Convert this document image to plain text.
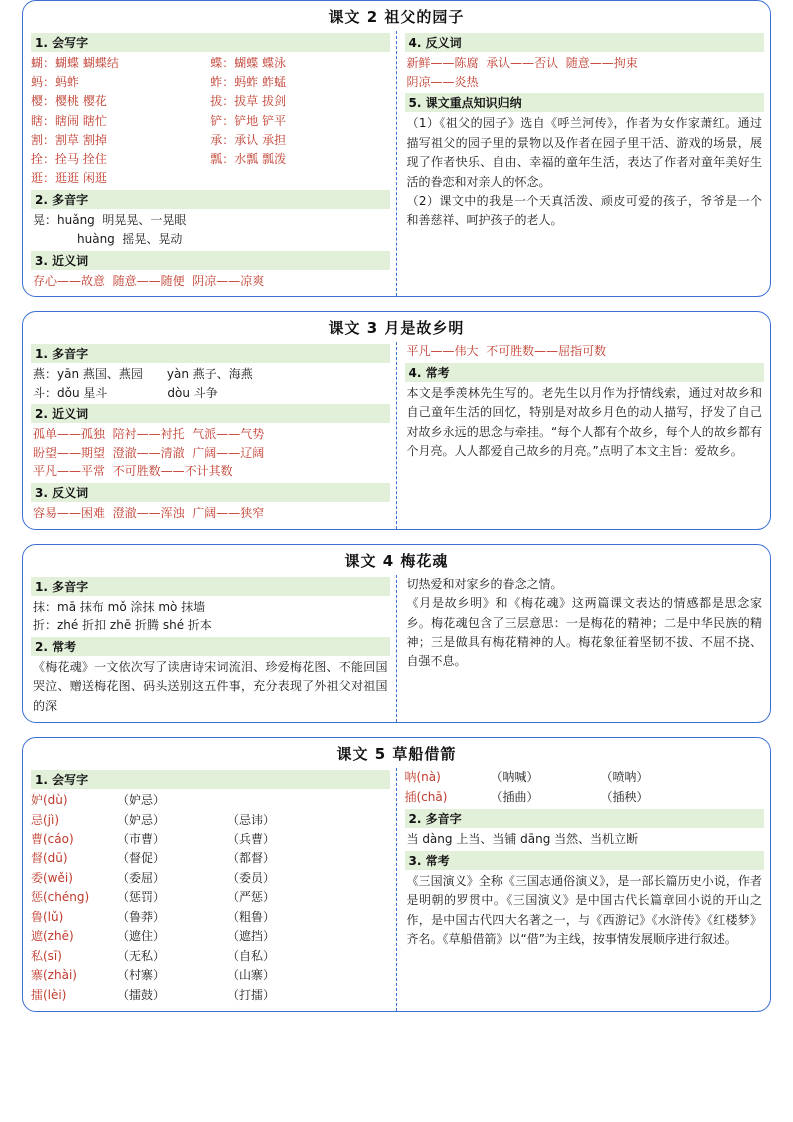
课文 2 祖父的园子
1. 会写字
蝴：蝴蝶 蝴蝶结	蝶：蝴蝶 蝶泳
蚂：蚂蚱	蚱：蚂蚱 蚱蜢
樱：樱桃 樱花	拔：拔草 拔剑
瞎：瞎闹 瞎忙	铲：铲地 铲平
割：割草 割掉	承：承认 承担
拴：拴马 拴住	瓢：水瓢 瓢泼
逛：逛逛 闲逛
2. 多音字
晃：huǎng  明晃晃、一晃眼
　　huàng  摇晃、晃动
3. 近义词
存心——故意  随意——随便  阴凉——凉爽
4. 反义词
新鲜——陈腐  承认——否认  随意——拘束
阴凉——炎热
5. 课文重点知识归纳
（1）《祖父的园子》选自《呼兰河传》，作者为女作家萧红。通过描写祖父的园子里的景物以及作者在园子里干活、游戏的场景，展现了作者快乐、自由、幸福的童年生活，表达了作者对童年美好生活的眷恋和对亲人的怀念。
（2）课文中的我是一个天真活泼、顽皮可爱的孩子，爷爷是一个和善慈祥、呵护孩子的老人。
课文 3 月是故乡明
1. 多音字
燕：yān 燕国、燕园　　yàn 燕子、海燕
斗：dǒu 星斗　　　　　dòu 斗争
2. 近义词
孤单——孤独  陪衬——衬托  气派——气势
盼望——期望  澄澈——清澈  广阔——辽阔
平凡——平常  不可胜数——不计其数
3. 反义词
容易——困难  澄澈——浑浊  广阔——狭窄
平凡——伟大  不可胜数——屈指可数
4. 常考
本文是季羡林先生写的。老先生以月作为抒情线索，通过对故乡和自己童年生活的回忆，特别是对故乡月色的动人描写，抒发了自己对故乡永远的思念与牵挂。“每个人都有个故乡，每个人的故乡都有个月亮。人人都爱自己故乡的月亮。”点明了本文主旨：爱故乡。
课文 4 梅花魂
1. 多音字
抹：mā 抹布 mǒ 涂抹 mò 抹墙
折：zhé 折扣 zhē 折腾 shé 折本
2. 常考
《梅花魂》一文依次写了读唐诗宋词流泪、珍爱梅花图、不能回国哭泣、赠送梅花图、码头送别这五件事，充分表现了外祖父对祖国的深
切热爱和对家乡的眷念之情。
《月是故乡明》和《梅花魂》这两篇课文表达的情感都是思念家乡。梅花魂包含了三层意思：一是梅花的精神；二是中华民族的精神；三是做具有梅花精神的人。梅花象征着坚韧不拔、不屈不挠、自强不息。
课文 5 草船借箭
1. 会写字
妒(dù)	（妒忌）
忌(jì)	（妒忌）	（忌讳）
曹(cáo)	（市曹）	（兵曹）
督(dū)	（督促）	（都督）
委(wěi)	（委屈）	（委员）
惩(chéng)	（惩罚）	（严惩）
鲁(lǔ)	（鲁莽）	（粗鲁）
遮(zhē)	（遮住）	（遮挡）
私(sī)	（无私）	（自私）
寨(zhài)	（村寨）	（山寨）
擂(lèi)	（擂鼓）	（打擂）
呐(nà)	（呐喊）	（喷呐）
插(chā)	（插曲）	（插秧）
2. 多音字
当 dàng 上当、当铺 dāng 当然、当机立断
3. 常考
《三国演义》全称《三国志通俗演义》，是一部长篇历史小说，作者是明朝的罗贯中。《三国演义》是中国古代长篇章回小说的开山之作，是中国古代四大名著之一，与《西游记》《水浒传》《红楼梦》齐名。《草船借箭》以“借”为主线，按事情发展顺序进行叙述。
